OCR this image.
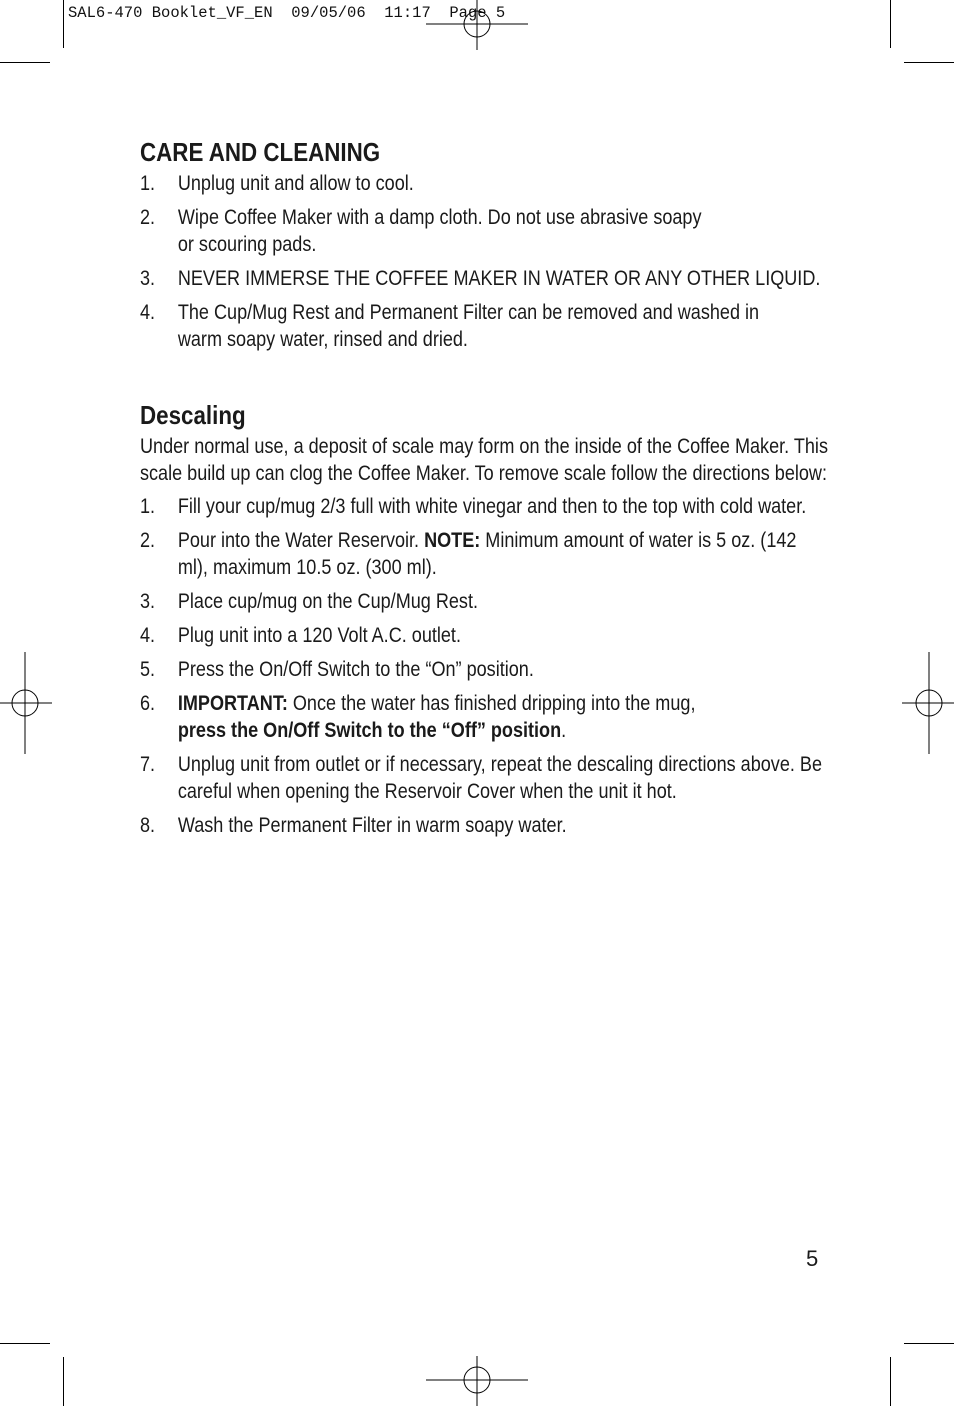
SAL6-470 Booklet_VF_EN  09/05/06  11:17  Page 5
CARE AND CLEANING
1. Unplug unit and allow to cool.
2. Wipe Coffee Maker with a damp cloth. Do not use abrasive soapy
or scouring pads.
3. NEVER IMMERSE THE COFFEE MAKER IN WATER OR ANY OTHER LIQUID.
4. The Cup/Mug Rest and Permanent Filter can be removed and washed in
warm soapy water, rinsed and dried.
Descaling

Under normal use, a deposit of scale may form on the inside of the Coffee Maker. This scale build up can clog the Coffee Maker. To remove scale follow the directions below:

1. Fill your cup/mug 2/3 full with white vinegar and then to the top with cold water.
2. Pour into the Water Reservoir. NOTE: Minimum amount of water is 5 oz. (142 ml), maximum 10.5 oz. (300 ml).
3. Place cup/mug on the Cup/Mug Rest.
4. Plug unit into a 120 Volt A.C. outlet.
5. Press the On/Off Switch to the “On” position.
6. IMPORTANT: Once the water has finished dripping into the mug,
press the On/Off Switch to the “Off” position.
7. Unplug unit from outlet or if necessary, repeat the descaling directions above. Be careful when opening the Reservoir Cover when the unit it hot.
8. Wash the Permanent Filter in warm soapy water.
5
